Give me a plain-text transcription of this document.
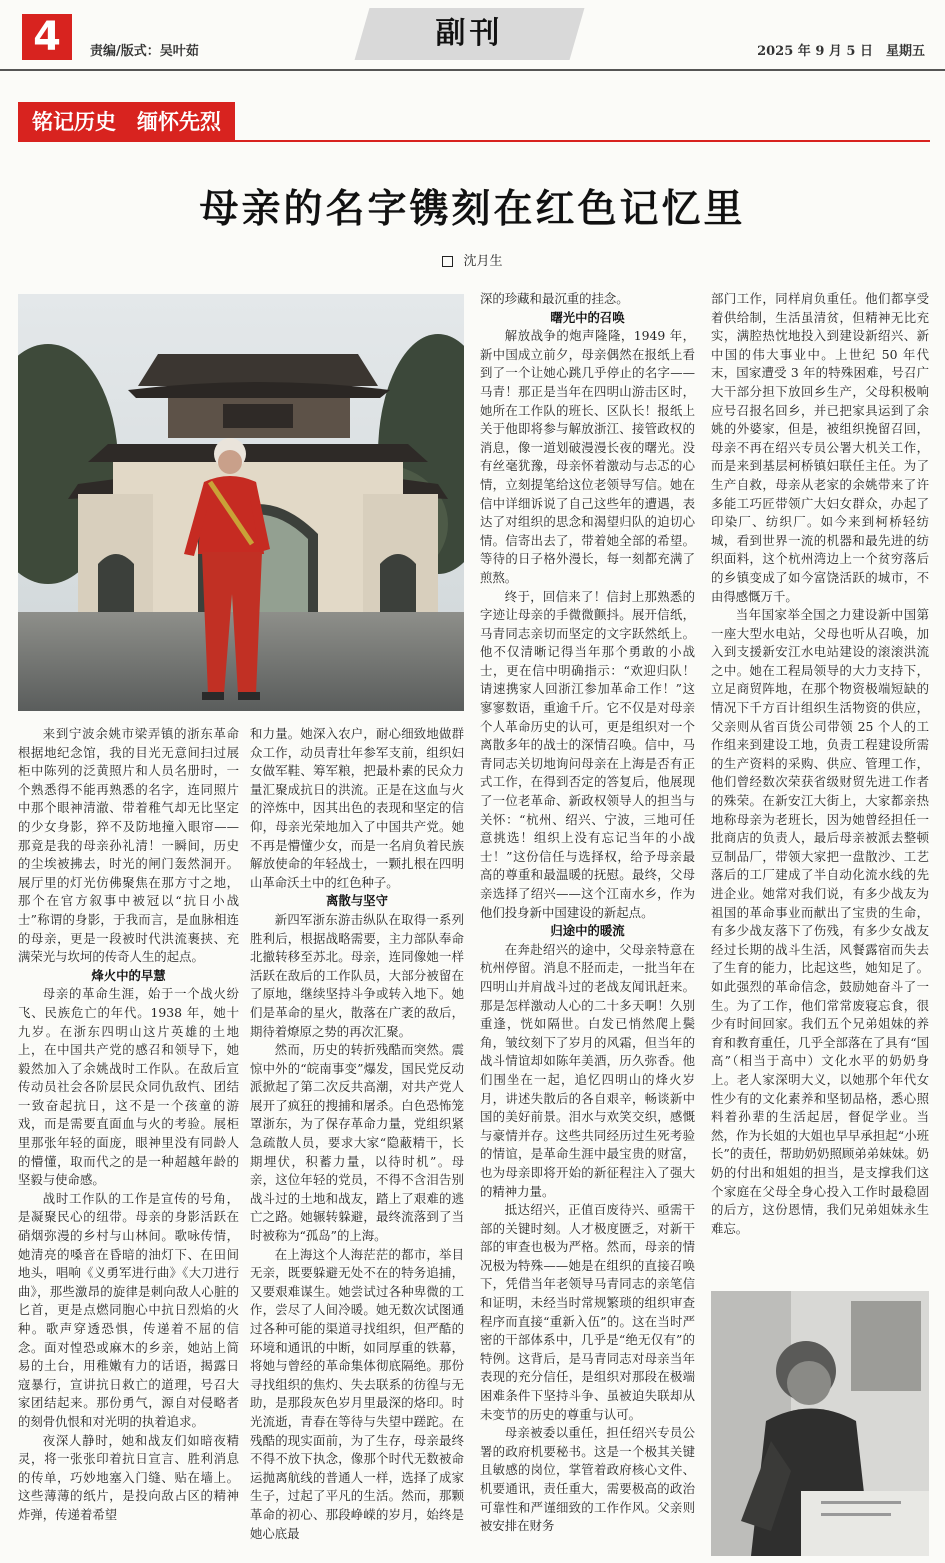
4	责编/版式：吴叶茹
副刊
2025 年 9 月 5 日　星期五
铭记历史　缅怀先烈
母亲的名字镌刻在红色记忆里
沈月生

来到宁波余姚市梁弄镇的浙东革命根据地纪念馆，我的目光无意间扫过展柜中陈列的泛黄照片和人员名册时，一个熟悉得不能再熟悉的名字，连同照片中那个眼神清澈、带着稚气却无比坚定的少女身影，猝不及防地撞入眼帘——那竟是我的母亲孙礼清！一瞬间，历史的尘埃被拂去，时光的闸门轰然洞开。展厅里的灯光仿佛聚焦在那方寸之地，那个在官方叙事中被冠以“抗日小战士”称谓的身影，于我而言，是血脉相连的母亲，更是一段被时代洪流裹挟、充满荣光与坎坷的传奇人生的起点。

烽火中的早慧

母亲的革命生涯，始于一个战火纷飞、民族危亡的年代。1938 年，她十九岁。在浙东四明山这片英雄的土地上，在中国共产党的感召和领导下，她毅然加入了余姚战时工作队。在敌后宣传动员社会各阶层民众同仇敌忾、团结一致奋起抗日，这不是一个孩童的游戏，而是需要直面血与火的考验。展柜里那张年轻的面庞，眼神里没有同龄人的懵懂，取而代之的是一种超越年龄的坚毅与使命感。

战时工作队的工作是宣传的号角，是凝聚民心的纽带。母亲的身影活跃在硝烟弥漫的乡村与山林间。歌咏传情，她清亮的嗓音在昏暗的油灯下、在田间地头，唱响《义勇军进行曲》《大刀进行曲》，那些激昂的旋律是刺向敌人心脏的匕首，更是点燃同胞心中抗日烈焰的火种。歌声穿透恐惧，传递着不屈的信念。面对惶恐或麻木的乡亲，她站上简易的土台，用稚嫩有力的话语，揭露日寇暴行，宣讲抗日救亡的道理，号召大家团结起来。那份勇气，源自对侵略者的刻骨仇恨和对光明的执着追求。

夜深人静时，她和战友们如暗夜精灵，将一张张印着抗日宣言、胜利消息的传单，巧妙地塞入门缝、贴在墙上。这些薄薄的纸片，是投向敌占区的精神炸弹，传递着希望

和力量。她深入农户，耐心细致地做群众工作，动员青壮年参军支前，组织妇女做军鞋、筹军粮，把最朴素的民众力量汇聚成抗日的洪流。正是在这血与火的淬炼中，因其出色的表现和坚定的信仰，母亲光荣地加入了中国共产党。她不再是懵懂少女，而是一名肩负着民族解放使命的年轻战士，一颗扎根在四明山革命沃土中的红色种子。

离散与坚守

新四军浙东游击纵队在取得一系列胜利后，根据战略需要，主力部队奉命北撤转移至苏北。母亲，连同像她一样活跃在敌后的工作队员，大部分被留在了原地，继续坚持斗争或转入地下。她们是革命的星火，散落在广袤的敌后，期待着燎原之势的再次汇聚。

然而，历史的转折残酷而突然。震惊中外的“皖南事变”爆发，国民党反动派掀起了第二次反共高潮，对共产党人展开了疯狂的搜捕和屠杀。白色恐怖笼罩浙东，为了保存革命力量，党组织紧急疏散人员，要求大家“隐蔽精干，长期埋伏，积蓄力量，以待时机”。母亲，这位年轻的党员，不得不含泪告别战斗过的土地和战友，踏上了艰难的逃亡之路。她辗转躲避，最终流落到了当时被称为“孤岛”的上海。

在上海这个人海茫茫的都市，举目无亲，既要躲避无处不在的特务追捕，又要艰难谋生。她尝试过各种卑微的工作，尝尽了人间冷暖。她无数次试图通过各种可能的渠道寻找组织，但严酷的环境和通讯的中断，如同厚重的铁幕，将她与曾经的革命集体彻底隔绝。那份寻找组织的焦灼、失去联系的彷徨与无助，是那段灰色岁月里最深的烙印。时光流逝，青春在等待与失望中蹉跎。在残酷的现实面前，为了生存，母亲最终不得不放下执念，像那个时代无数被命运抛离航线的普通人一样，选择了成家生子，过起了平凡的生活。然而，那颗革命的初心、那段峥嵘的岁月，始终是她心底最

深的珍藏和最沉重的挂念。

曙光中的召唤

解放战争的炮声隆隆，1949 年，新中国成立前夕，母亲偶然在报纸上看到了一个让她心跳几乎停止的名字——马青！那正是当年在四明山游击区时，她所在工作队的班长、区队长！报纸上关于他即将参与解放浙江、接管政权的消息，像一道划破漫漫长夜的曙光。没有丝毫犹豫，母亲怀着激动与忐忑的心情，立刻提笔给这位老领导写信。她在信中详细诉说了自己这些年的遭遇，表达了对组织的思念和渴望归队的迫切心情。信寄出去了，带着她全部的希望。等待的日子格外漫长，每一刻都充满了煎熬。

终于，回信来了！信封上那熟悉的字迹让母亲的手微微颤抖。展开信纸，马青同志亲切而坚定的文字跃然纸上。他不仅清晰记得当年那个勇敢的小战士，更在信中明确指示：“欢迎归队！请速携家人回浙江参加革命工作！”这寥寥数语，重逾千斤。它不仅是对母亲个人革命历史的认可，更是组织对一个离散多年的战士的深情召唤。信中，马青同志关切地询问母亲在上海是否有正式工作，在得到否定的答复后，他展现了一位老革命、新政权领导人的担当与关怀：“杭州、绍兴、宁波，三地可任意挑选！组织上没有忘记当年的小战士！”这份信任与选择权，给予母亲最高的尊重和最温暖的抚慰。最终，父母亲选择了绍兴——这个江南水乡，作为他们投身新中国建设的新起点。

归途中的暖流

在奔赴绍兴的途中，父母亲特意在杭州停留。消息不胫而走，一批当年在四明山并肩战斗过的老战友闻讯赶来。那是怎样激动人心的二十多天啊！久别重逢，恍如隔世。白发已悄然爬上鬓角，皱纹刻下了岁月的风霜，但当年的战斗情谊却如陈年美酒，历久弥香。他们围坐在一起，追忆四明山的烽火岁月，讲述失散后的各自艰辛，畅谈新中国的美好前景。泪水与欢笑交织，感慨与豪情并存。这些共同经历过生死考验的情谊，是革命生涯中最宝贵的财富，也为母亲即将开始的新征程注入了强大的精神力量。

抵达绍兴，正值百废待兴、亟需干部的关键时刻。人才极度匮乏，对新干部的审查也极为严格。然而，母亲的情况极为特殊——她是在组织的直接召唤下，凭借当年老领导马青同志的亲笔信和证明，未经当时常规繁琐的组织审查程序而直接“重新入伍”的。这在当时严密的干部体系中，几乎是“绝无仅有”的特例。这背后，是马青同志对母亲当年表现的充分信任，是组织对那段在极端困难条件下坚持斗争、虽被迫失联却从未变节的历史的尊重与认可。

母亲被委以重任，担任绍兴专员公署的政府机要秘书。这是一个极其关键且敏感的岗位，掌管着政府核心文件、机要通讯，责任重大，需要极高的政治可靠性和严谨细致的工作作风。父亲则被安排在财务

部门工作，同样肩负重任。他们都享受着供给制，生活虽清贫，但精神无比充实，满腔热忱地投入到建设新绍兴、新中国的伟大事业中。上世纪 50 年代末，国家遭受 3 年的特殊困难，号召广大干部分担下放回乡生产，父母积极响应号召报名回乡，并已把家具运到了余姚的外婆家，但是，被组织挽留召回，母亲不再在绍兴专员公署大机关工作，而是来到基层柯桥镇妇联任主任。为了生产自救，母亲从老家的余姚带来了许多能工巧匠带领广大妇女群众，办起了印染厂、纺织厂。如今来到柯桥轻纺城，看到世界一流的机器和最先进的纺织面料，这个杭州湾边上一个贫穷落后的乡镇变成了如今富饶活跃的城市，不由得感慨万千。

当年国家举全国之力建设新中国第一座大型水电站，父母也听从召唤，加入到支援新安江水电站建设的滚滚洪流之中。她在工程局领导的大力支持下，立足商贸阵地，在那个物资极端短缺的情况下千方百计组织生活物资的供应，父亲则从省百货公司带领 25 个人的工作组来到建设工地，负责工程建设所需的生产资料的采购、供应、管理工作，他们曾经数次荣获省级财贸先进工作者的殊荣。在新安江大街上，大家都亲热地称母亲为老班长，因为她曾经担任一批商店的负责人，最后母亲被派去整顿豆制品厂，带领大家把一盘散沙、工艺落后的工厂建成了半自动化流水线的先进企业。她常对我们说，有多少战友为祖国的革命事业而献出了宝贵的生命，有多少战友落下了伤残，有多少女战友经过长期的战斗生活，风餐露宿而失去了生育的能力，比起这些，她知足了。如此强烈的革命信念，鼓励她奋斗了一生。为了工作，他们常常废寝忘食，很少有时间回家。我们五个兄弟姐妹的养育和教育重任，几乎全部落在了具有“国高”（相当于高中）文化水平的奶奶身上。老人家深明大义，以她那个年代女性少有的文化素养和坚韧品格，悉心照料着孙辈的生活起居，督促学业。当然，作为长姐的大姐也早早承担起“小班长”的责任，帮助奶奶照顾弟弟妹妹。奶奶的付出和姐姐的担当，是支撑我们这个家庭在父母全身心投入工作时最稳固的后方，这份恩情，我们兄弟姐妹永生难忘。
